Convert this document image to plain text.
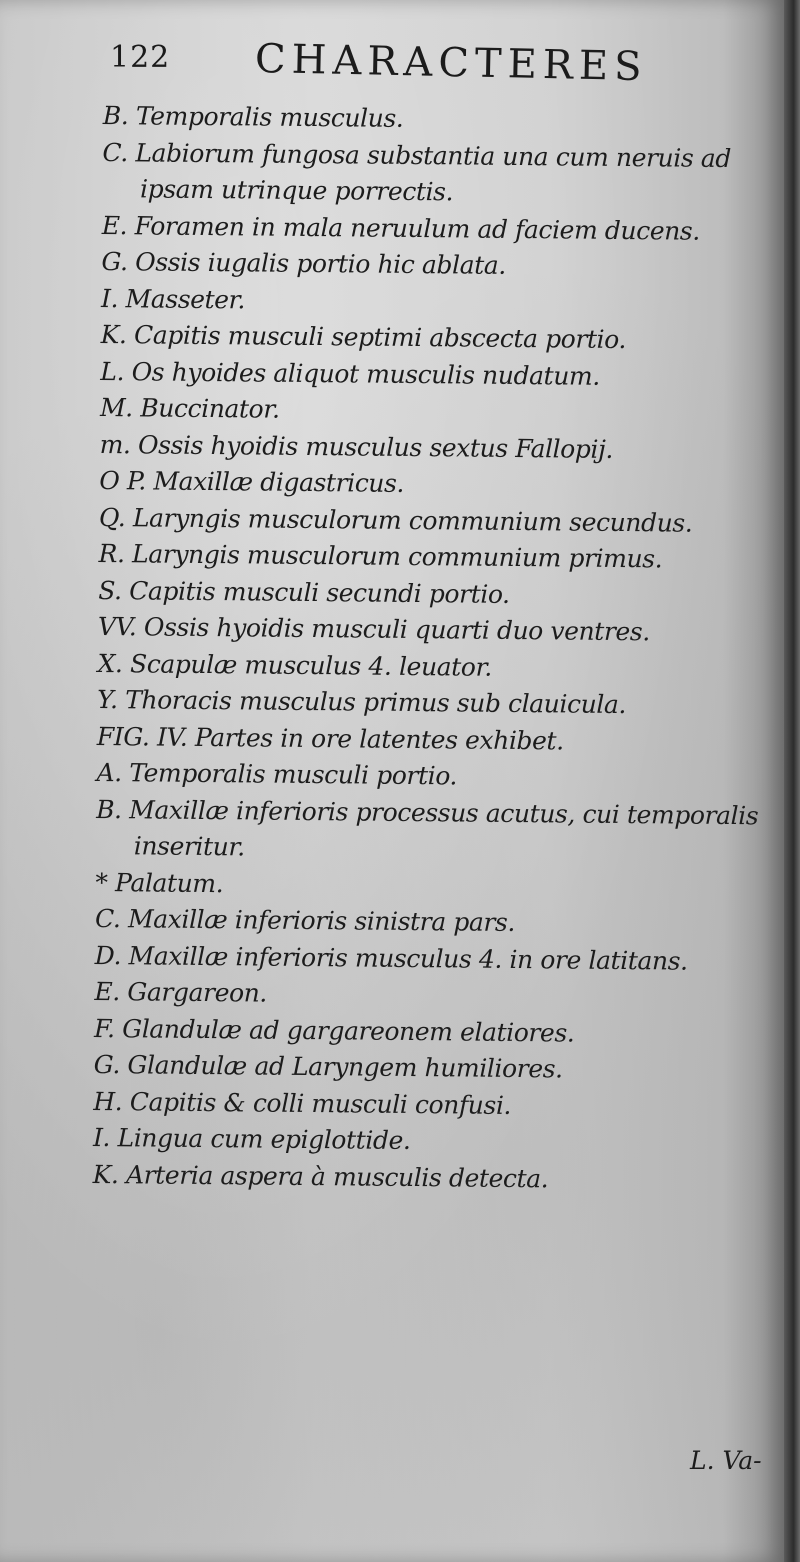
122 CHARACTERES
B. Temporalis musculus.
C. Labiorum fungosa substantia una cum neruis ad
ipsam utrinque porrectis.
E. Foramen in mala neruulum ad faciem ducens.
G. Ossis iugalis portio hic ablata.
I. Masseter.
K. Capitis musculi septimi abscecta portio.
L. Os hyoides aliquot musculis nudatum.
M. Buccinator.
m. Ossis hyoidis musculus sextus Fallopij.
O P. Maxillæ digastricus.
Q. Laryngis musculorum communium secundus.
R. Laryngis musculorum communium primus.
S. Capitis musculi secundi portio.
VV. Ossis hyoidis musculi quarti duo ventres.
X. Scapulæ musculus 4. leuator.
Y. Thoracis musculus primus sub clauicula.
FIG. IV. Partes in ore latentes exhibet.
A. Temporalis musculi portio.
B. Maxillæ inferioris processus acutus, cui temporalis
inseritur.
* Palatum.
C. Maxillæ inferioris sinistra pars.
D. Maxillæ inferioris musculus 4. in ore latitans.
E. Gargareon.
F. Glandulæ ad gargareonem elatiores.
G. Glandulæ ad Laryngem humiliores.
H. Capitis & colli musculi confusi.
I. Lingua cum epiglottide.
K. Arteria aspera à musculis detecta.
L. Va-
